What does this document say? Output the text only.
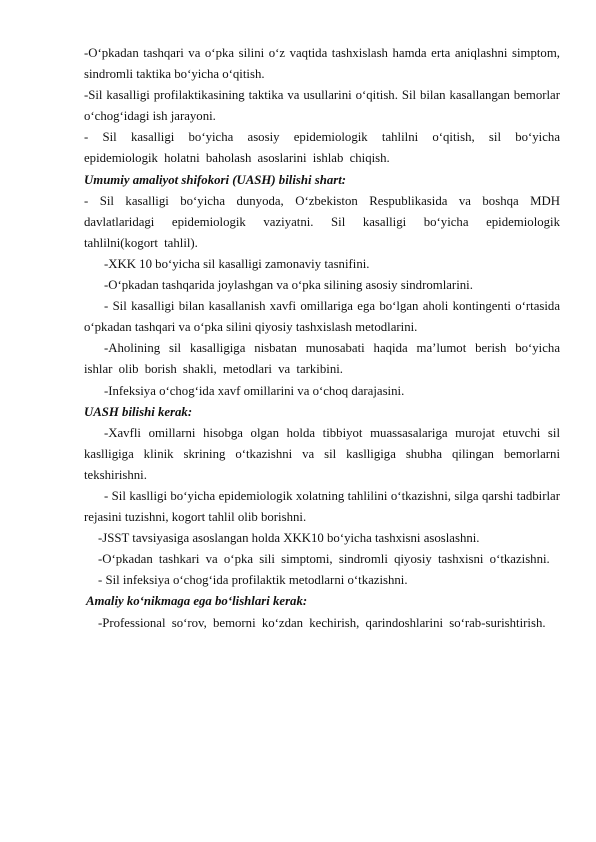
-O‘pkadan tashqari va o‘pka silini o‘z vaqtida tashxislash hamda erta aniqlashni simptom, sindromli taktika bo‘yicha o‘qitish.

-Sil kasalligi profilaktikasining taktika va usullarini o‘qitish. Sil bilan kasallangan bemorlar o‘chog‘idagi ish jarayoni.

- Sil kasalligi bo‘yicha asosiy epidemiologik tahlilni o‘qitish, sil bo‘yicha epidemiologik holatni baholash asoslarini ishlab chiqish.

Umumiy amaliyot shifokori (UASH) bilishi shart:

- Sil kasalligi bo‘yicha dunyoda, O‘zbekiston Respublikasida va boshqa MDH davlatlaridagi epidemiologik vaziyatni. Sil kasalligi bo‘yicha epidemiologik tahlilni(kogort tahlil).

-XKK 10 bo‘yicha sil kasalligi zamonaviy tasnifini.

-O‘pkadan tashqarida joylashgan va o‘pka silining asosiy sindromlarini.

- Sil kasalligi bilan kasallanish xavfi omillariga ega bo‘lgan aholi kontingenti o‘rtasida o‘pkadan tashqari va o‘pka silini qiyosiy tashxislash metodlarini.

-Aholining sil kasalligiga nisbatan munosabati haqida ma’lumot berish bo‘yicha ishlar olib borish shakli, metodlari va tarkibini.

-Infeksiya o‘chog‘ida xavf omillarini va o‘choq darajasini.

UASH bilishi kerak:

-Xavfli omillarni hisobga olgan holda tibbiyot muassasalariga murojat etuvchi sil kaslligiga klinik skrining o‘tkazishni va sil kaslligiga shubha qilingan bemorlarni tekshirishni.

- Sil kaslligi bo‘yicha epidemiologik xolatning tahlilini o‘tkazishni, silga qarshi tadbirlar rejasini tuzishni, kogort tahlil olib borishni.

-JSST tavsiyasiga asoslangan holda XKK10 bo‘yicha tashxisni asoslashni.

-O‘pkadan tashkari va o‘pka sili simptomi, sindromli qiyosiy tashxisni o‘tkazishni.

- Sil infeksiya o‘chog‘ida profilaktik metodlarni o‘tkazishni.

Amaliy ko‘nikmaga ega bo‘lishlari kerak:

-Professional so‘rov, bemorni ko‘zdan kechirish, qarindoshlarini so‘rab-surishtirish.
